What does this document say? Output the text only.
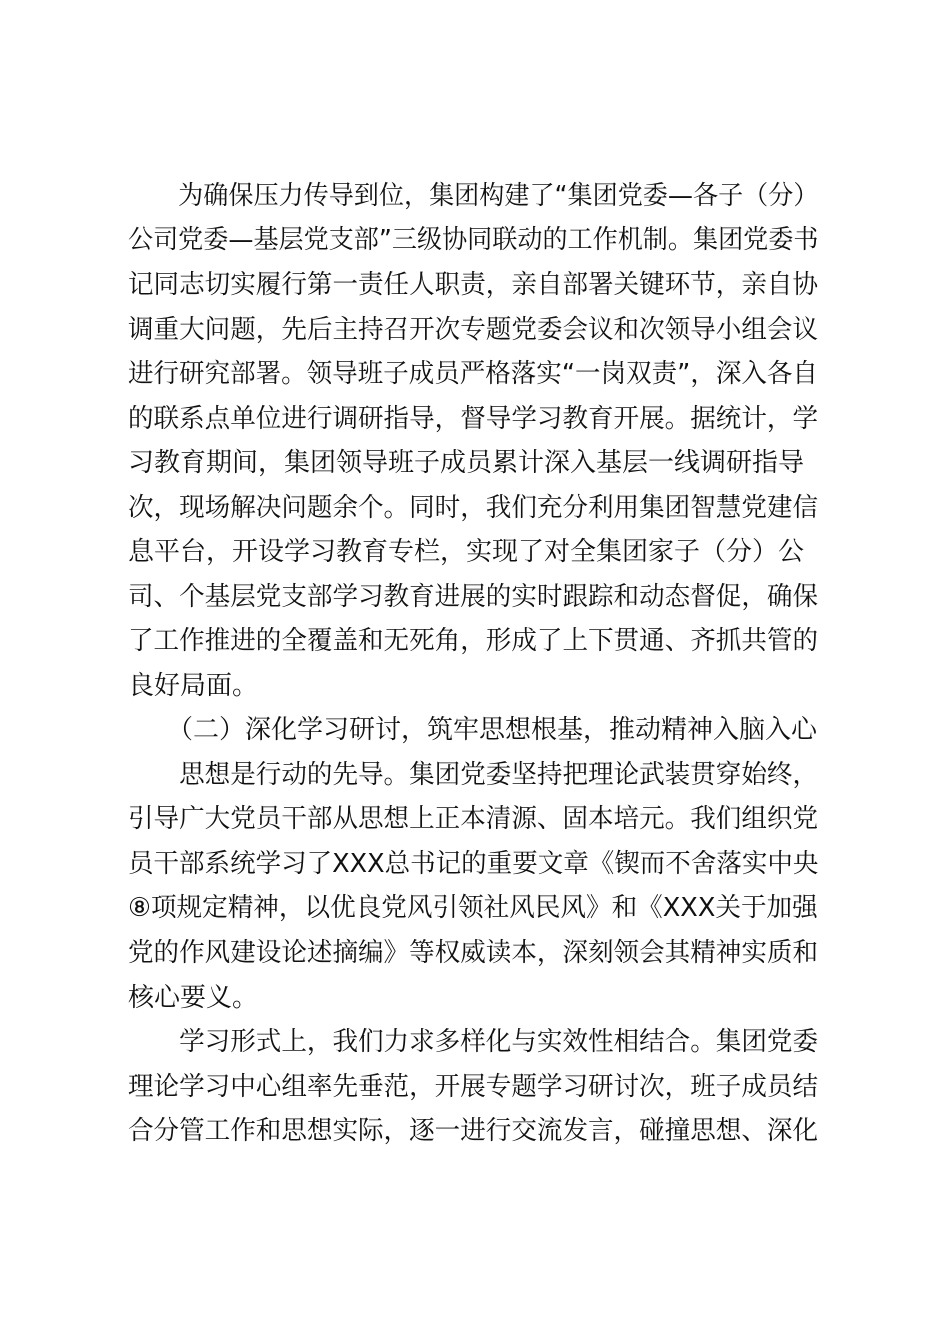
　　为确保压力传导到位，集团构建了“集团党委—各子（分）
公司党委—基层党支部”三级协同联动的工作机制。集团党委书
记同志切实履行第一责任人职责，亲自部署关键环节，亲自协
调重大问题，先后主持召开次专题党委会议和次领导小组会议
进行研究部署。领导班子成员严格落实“一岗双责”，深入各自
的联系点单位进行调研指导，督导学习教育开展。据统计，学
习教育期间，集团领导班子成员累计深入基层一线调研指导
次，现场解决问题余个。同时，我们充分利用集团智慧党建信
息平台，开设学习教育专栏，实现了对全集团家子（分）公
司、个基层党支部学习教育进展的实时跟踪和动态督促，确保
了工作推进的全覆盖和无死角，形成了上下贯通、齐抓共管的
良好局面。
　　（二）深化学习研讨，筑牢思想根基，推动精神入脑入心
　　思想是行动的先导。集团党委坚持把理论武装贯穿始终，
引导广大党员干部从思想上正本清源、固本培元。我们组织党
员干部系统学习了XXX总书记的重要文章《锲而不舍落实中央
⑧项规定精神，以优良党风引领社风民风》和《XXX关于加强
党的作风建设论述摘编》等权威读本，深刻领会其精神实质和
核心要义。
　　学习形式上，我们力求多样化与实效性相结合。集团党委
理论学习中心组率先垂范，开展专题学习研讨次，班子成员结
合分管工作和思想实际，逐一进行交流发言，碰撞思想、深化
